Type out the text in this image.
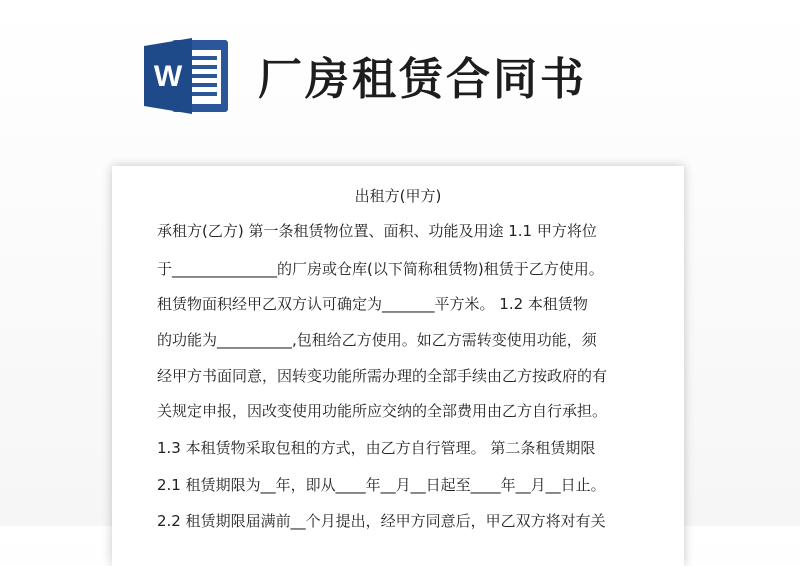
W 厂房租赁合同书
出租方(甲方)
承租方(乙方) 第一条租赁物位置、面积、功能及用途 1.1 甲方将位
于______________的厂房或仓库(以下简称租赁物)租赁于乙方使用。
租赁物面积经甲乙双方认可确定为_______平方米。 1.2 本租赁物
的功能为__________,包租给乙方使用。如乙方需转变使用功能，须
经甲方书面同意，因转变功能所需办理的全部手续由乙方按政府的有
关规定申报，因改变使用功能所应交纳的全部费用由乙方自行承担。
1.3 本租赁物采取包租的方式，由乙方自行管理。 第二条租赁期限
2.1 租赁期限为__年，即从____年__月__日起至____年__月__日止。
2.2 租赁期限届满前__个月提出，经甲方同意后，甲乙双方将对有关
